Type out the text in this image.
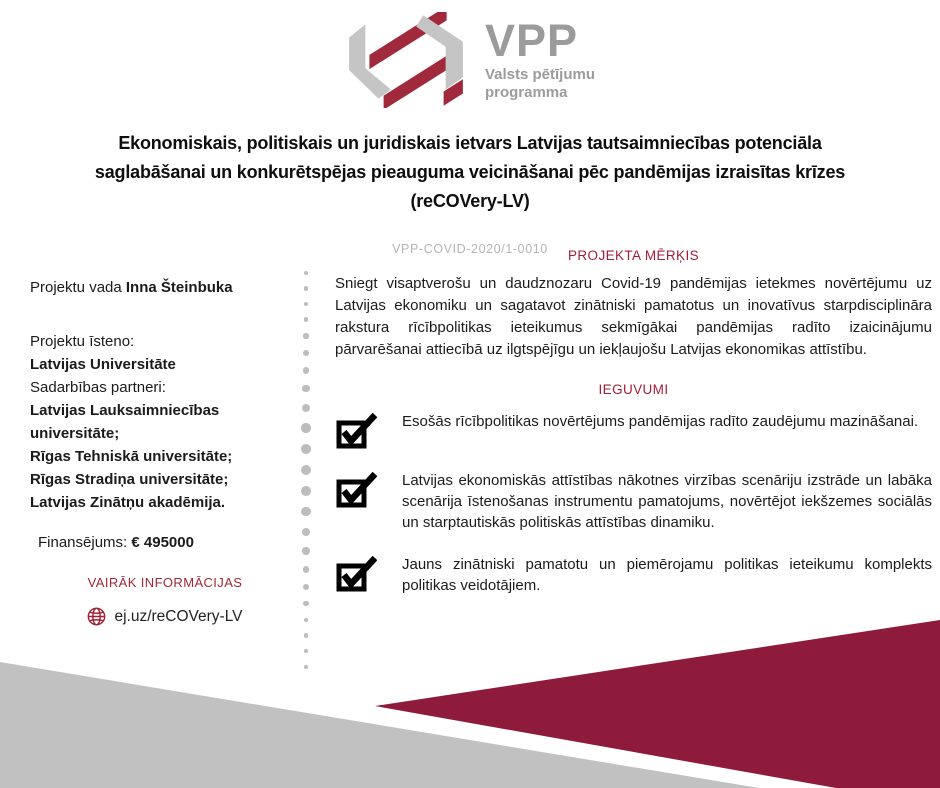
VPP
Valsts pētījumu
programma
Ekonomiskais, politiskais un juridiskais ietvars Latvijas tautsaimniecības potenciāla saglabāšanai un konkurētspējas pieauguma veicināšanai pēc pandēmijas izraisītas krīzes (reCOVery-LV)
VPP-COVID-2020/1-0010
Projektu vada Inna Šteinbuka
Projektu īsteno:
Latvijas Universitāte
Sadarbības partneri:
Latvijas Lauksaimniecības universitāte;
Rīgas Tehniskā universitāte;
Rīgas Stradiņa universitāte;
Latvijas Zinātņu akadēmija.
Finansējums: € 495000
VAIRĀK INFORMĀCIJAS
ej.uz/reCOVery-LV
PROJEKTA MĒRĶIS

Sniegt visaptverošu un daudznozaru Covid-19 pandēmijas ietekmes novērtējumu uz Latvijas ekonomiku un sagatavot zinātniski pamatotus un inovatīvus starpdisciplināra rakstura rīcībpolitikas ieteikumus sekmīgākai pandēmijas radīto izaicinājumu pārvarēšanai attiecībā uz ilgtspējīgu un iekļaujošu Latvijas ekonomikas attīstību.

IEGUVUMI

Esošās rīcībpolitikas novērtējums pandēmijas radīto zaudējumu mazināšanai.

Latvijas ekonomiskās attīstības nākotnes virzības scenāriju izstrāde un labāka scenārija īstenošanas instrumentu pamatojums, novērtējot iekšzemes sociālās un starptautiskās politiskās attīstības dinamiku.

Jauns zinātniski pamatotu un piemērojamu politikas ieteikumu komplekts politikas veidotājiem.
